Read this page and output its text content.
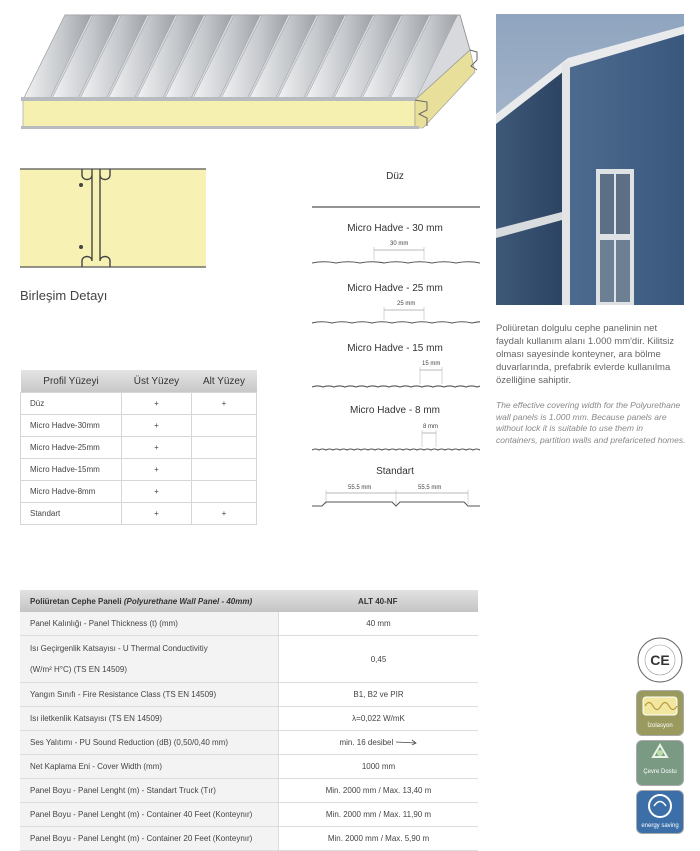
Birleşim Detayı
Düz
Micro Hadve - 30 mm
30 mm
Micro Hadve - 25 mm
25 mm
Micro Hadve - 15 mm
15 mm
Micro Hadve - 8 mm
8 mm
Standart
55.5 mm	55.5 mm
Profil Yüzeyi	Üst Yüzey	Alt Yüzey
Düz	+	+
Micro Hadve-30mm	+	
Micro Hadve-25mm	+	
Micro Hadve-15mm	+	
Micro Hadve-8mm	+	
Standart	+	+
Poliüretan dolgulu cephe panelinin net faydalı kullanım alanı 1.000 mm'dir. Kilitsiz olması sayesinde konteyner, ara bölme duvarlarında, prefabrik evlerde kullanılma özelliğine sahiptir.
The effective covering width for the Polyurethane wall panels is 1.000 mm. Because panels are without lock it is suitable to use them in containers, partition walls and prefariceted homes.
Poliüretan Cephe Paneli (Polyurethane Wall Panel - 40mm)	ALT 40-NF
Panel Kalınlığı - Panel Thickness (t) (mm)	40 mm

Isı Geçirgenlik Katsayısı - U Thermal Conductivitiy
(W/m² H°C) (TS EN 14509)	0,45
Yangın Sınıfı - Fire Resistance Class (TS EN 14509)	B1, B2 ve PIR
Isı iletkenlik Katsayısı (TS EN 14509)	λ=0,022 W/mK
Ses Yalıtımı - PU Sound Reduction (dB) (0,50/0,40 mm)	min. 16 desibel
Net Kaplama Eni - Cover Width (mm)	1000 mm
Panel Boyu - Panel Lenght (m) - Standart Truck (Tır)	Min. 2000 mm / Max. 13,40 m
Panel Boyu - Panel Lenght (m) - Container 40 Feet (Konteynır)	Min. 2000 mm / Max. 11,90 m
Panel Boyu - Panel Lenght (m) - Container 20 Feet (Konteynır)	Min. 2000 mm / Max. 5,90 m
CE
İzolasyon
Çevre Dostu
energy saving
